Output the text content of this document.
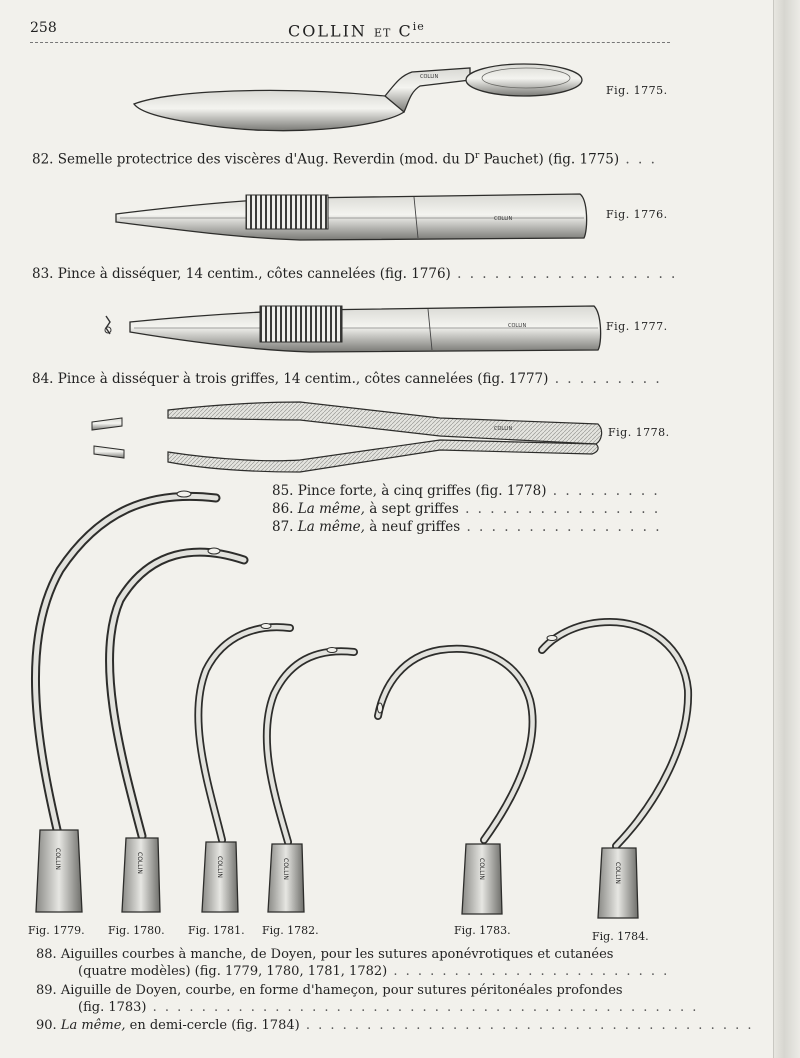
258	COLLIN ET $C^{ie}$
COLLIN
COLLIN
COLLIN
COLLIN
COLLIN	COLLIN	COLLIN	COLLIN	COLLIN	COLLIN
Fig. 1775.
Fig. 1776.
Fig. 1777.
Fig. 1778.
82. Semelle protectrice des viscères d'Aug. Reverdin (mod. du $D^r$ Pauchet) (fig. 1775) . . .
83. Pince à disséquer, 14 centim., côtes cannelées (fig. 1776) . . . . . . . . . . . . . . . . . .
84. Pince à disséquer à trois griffes, 14 centim., côtes cannelées (fig. 1777) . . . . . . . . .
85. Pince forte, à cinq griffes (fig. 1778) . . . . . . . . .
86. La même, à sept griffes . . . . . . . . . . . . . . . .
87. La même, à neuf griffes . . . . . . . . . . . . . . . .
Fig. 1779. Fig. 1780. Fig. 1781. Fig. 1782.	Fig. 1783.	Fig. 1784.
88. Aiguilles courbes à manche, de Doyen, pour les sutures aponévrotiques et cutanées
(quatre modèles) (fig. 1779, 1780, 1781, 1782) . . . . . . . . . . . . . . . . . . . . . . .
89. Aiguille de Doyen, courbe, en forme d'hameçon, pour sutures péritonéales profondes
(fig. 1783) . . . . . . . . . . . . . . . . . . . . . . . . . . . . . . . . . . . . . . . . . . . . .
90. La même, en demi-cercle (fig. 1784) . . . . . . . . . . . . . . . . . . . . . . . . . . . . . . . . . . . . .
